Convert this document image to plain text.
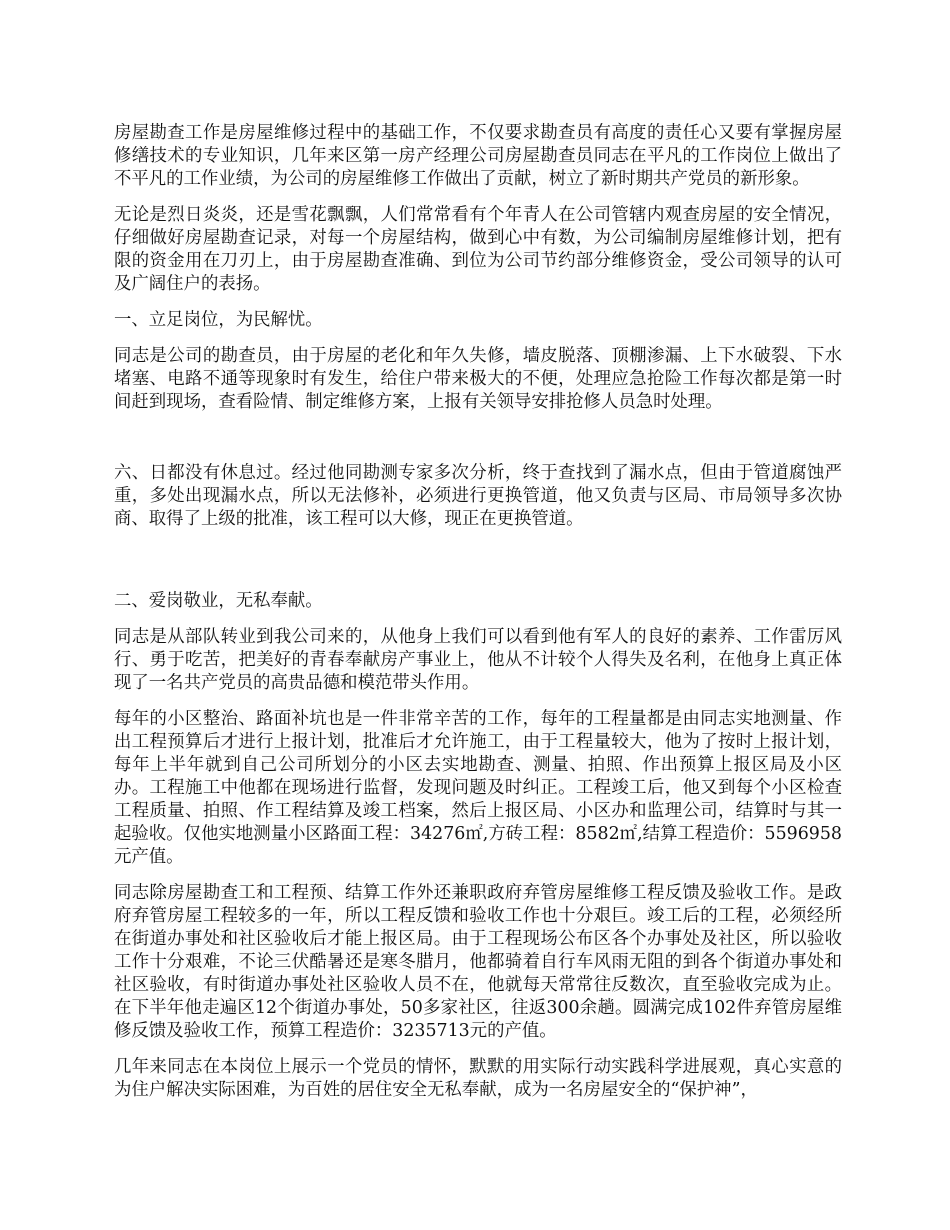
房屋勘查工作是房屋维修过程中的基础工作，不仅要求勘查员有高度的责任心又要有掌握房屋修缮技术的专业知识，几年来区第一房产经理公司房屋勘查员同志在平凡的工作岗位上做出了不平凡的工作业绩，为公司的房屋维修工作做出了贡献，树立了新时期共产党员的新形象。

无论是烈日炎炎，还是雪花飘飘，人们常常看有个年青人在公司管辖内观查房屋的安全情况，仔细做好房屋勘查记录，对每一个房屋结构，做到心中有数，为公司编制房屋维修计划，把有限的资金用在刀刃上，由于房屋勘查准确、到位为公司节约部分维修资金，受公司领导的认可及广阔住户的表扬。

一、立足岗位，为民解忧。

同志是公司的勘查员，由于房屋的老化和年久失修，墙皮脱落、顶棚渗漏、上下水破裂、下水堵塞、电路不通等现象时有发生，给住户带来极大的不便，处理应急抢险工作每次都是第一时间赶到现场，查看险情、制定维修方案，上报有关领导安排抢修人员急时处理。

六、日都没有休息过。经过他同勘测专家多次分析，终于查找到了漏水点，但由于管道腐蚀严重，多处出现漏水点，所以无法修补，必须进行更换管道，他又负责与区局、市局领导多次协商、取得了上级的批准，该工程可以大修，现正在更换管道。

二、爱岗敬业，无私奉献。

同志是从部队转业到我公司来的，从他身上我们可以看到他有军人的良好的素养、工作雷厉风行、勇于吃苦，把美好的青春奉献房产事业上，他从不计较个人得失及名利，在他身上真正体现了一名共产党员的高贵品德和模范带头作用。

每年的小区整治、路面补坑也是一件非常辛苦的工作，每年的工程量都是由同志实地测量、作出工程预算后才进行上报计划，批准后才允许施工，由于工程量较大，他为了按时上报计划，每年上半年就到自己公司所划分的小区去实地勘查、测量、拍照、作出预算上报区局及小区办。工程施工中他都在现场进行监督，发现问题及时纠正。工程竣工后，他又到每个小区检查工程质量、拍照、作工程结算及竣工档案，然后上报区局、小区办和监理公司，结算时与其一起验收。仅他实地测量小区路面工程：34276㎡,方砖工程：8582㎡,结算工程造价：5596958元产值。

同志除房屋勘查工和工程预、结算工作外还兼职政府弃管房屋维修工程反馈及验收工作。是政府弃管房屋工程较多的一年，所以工程反馈和验收工作也十分艰巨。竣工后的工程，必须经所在街道办事处和社区验收后才能上报区局。由于工程现场公布区各个办事处及社区，所以验收工作十分艰难，不论三伏酷暑还是寒冬腊月，他都骑着自行车风雨无阻的到各个街道办事处和社区验收，有时街道办事处社区验收人员不在，他就每天常常往反数次，直至验收完成为止。在下半年他走遍区12个街道办事处，50多家社区，往返300余趟。圆满完成102件弃管房屋维修反馈及验收工作，预算工程造价：3235713元的产值。

几年来同志在本岗位上展示一个党员的情怀，默默的用实际行动实践科学进展观，真心实意的为住户解决实际困难，为百姓的居住安全无私奉献，成为一名房屋安全的“保护神”，
